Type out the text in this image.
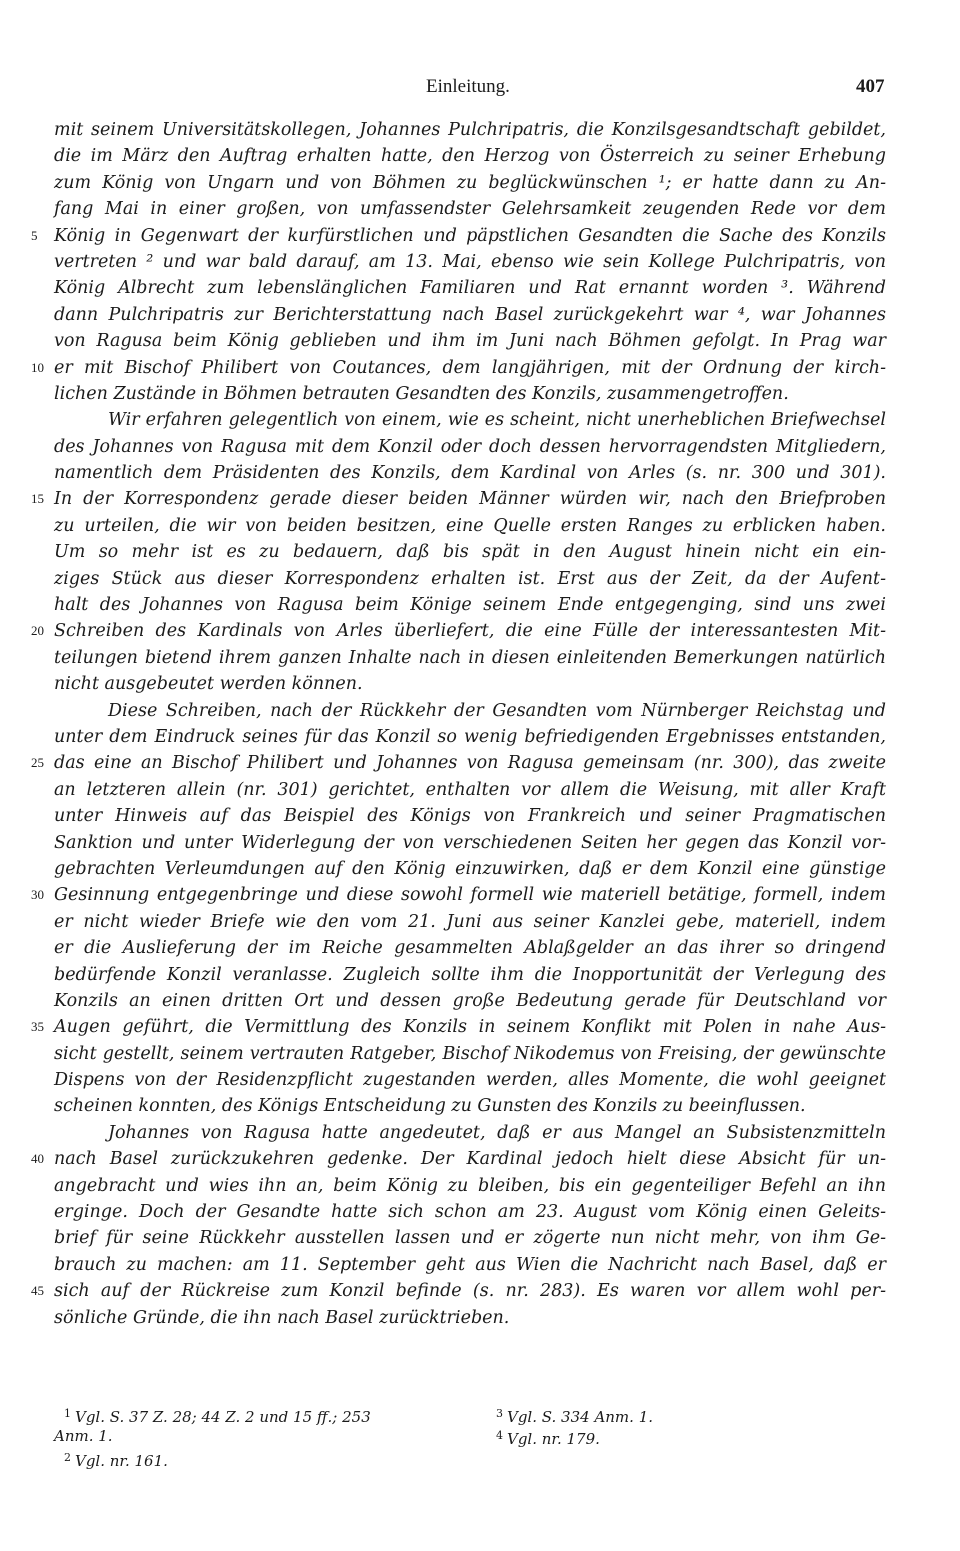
Einleitung.	407
mit seinem Universitätskollegen, Johannes Pulchripatris, die Konzilsgesandtschaft gebildet,
die im März den Auftrag erhalten hatte, den Herzog von Österreich zu seiner Erhebung
zum König von Ungarn und von Böhmen zu beglückwünschen ¹; er hatte dann zu An-
fang Mai in einer großen, von umfassendster Gelehrsamkeit zeugenden Rede vor dem
5 König in Gegenwart der kurfürstlichen und päpstlichen Gesandten die Sache des Konzils
vertreten ² und war bald darauf, am 13. Mai, ebenso wie sein Kollege Pulchripatris, von
König Albrecht zum lebenslänglichen Familiaren und Rat ernannt worden ³. Während
dann Pulchripatris zur Berichterstattung nach Basel zurückgekehrt war ⁴, war Johannes
von Ragusa beim König geblieben und ihm im Juni nach Böhmen gefolgt. In Prag war
10 er mit Bischof Philibert von Coutances, dem langjährigen, mit der Ordnung der kirch-
lichen Zustände in Böhmen betrauten Gesandten des Konzils, zusammengetroffen.
Wir erfahren gelegentlich von einem, wie es scheint, nicht unerheblichen Briefwechsel
des Johannes von Ragusa mit dem Konzil oder doch dessen hervorragendsten Mitgliedern,
namentlich dem Präsidenten des Konzils, dem Kardinal von Arles (s. nr. 300 und 301).
15 In der Korrespondenz gerade dieser beiden Männer würden wir, nach den Briefproben
zu urteilen, die wir von beiden besitzen, eine Quelle ersten Ranges zu erblicken haben.
Um so mehr ist es zu bedauern, daß bis spät in den August hinein nicht ein ein-
ziges Stück aus dieser Korrespondenz erhalten ist. Erst aus der Zeit, da der Aufent-
halt des Johannes von Ragusa beim Könige seinem Ende entgegenging, sind uns zwei
20 Schreiben des Kardinals von Arles überliefert, die eine Fülle der interessantesten Mit-
teilungen bietend ihrem ganzen Inhalte nach in diesen einleitenden Bemerkungen natürlich
nicht ausgebeutet werden können.
Diese Schreiben, nach der Rückkehr der Gesandten vom Nürnberger Reichstag und
unter dem Eindruck seines für das Konzil so wenig befriedigenden Ergebnisses entstanden,
25 das eine an Bischof Philibert und Johannes von Ragusa gemeinsam (nr. 300), das zweite
an letzteren allein (nr. 301) gerichtet, enthalten vor allem die Weisung, mit aller Kraft
unter Hinweis auf das Beispiel des Königs von Frankreich und seiner Pragmatischen
Sanktion und unter Widerlegung der von verschiedenen Seiten her gegen das Konzil vor-
gebrachten Verleumdungen auf den König einzuwirken, daß er dem Konzil eine günstige
30 Gesinnung entgegenbringe und diese sowohl formell wie materiell betätige, formell, indem
er nicht wieder Briefe wie den vom 21. Juni aus seiner Kanzlei gebe, materiell, indem
er die Auslieferung der im Reiche gesammelten Ablaßgelder an das ihrer so dringend
bedürfende Konzil veranlasse. Zugleich sollte ihm die Inopportunität der Verlegung des
Konzils an einen dritten Ort und dessen große Bedeutung gerade für Deutschland vor
35 Augen geführt, die Vermittlung des Konzils in seinem Konflikt mit Polen in nahe Aus-
sicht gestellt, seinem vertrauten Ratgeber, Bischof Nikodemus von Freising, der gewünschte
Dispens von der Residenzpflicht zugestanden werden, alles Momente, die wohl geeignet
scheinen konnten, des Königs Entscheidung zu Gunsten des Konzils zu beeinflussen.
Johannes von Ragusa hatte angedeutet, daß er aus Mangel an Subsistenzmitteln
40 nach Basel zurückzukehren gedenke. Der Kardinal jedoch hielt diese Absicht für un-
angebracht und wies ihn an, beim König zu bleiben, bis ein gegenteiliger Befehl an ihn
erginge. Doch der Gesandte hatte sich schon am 23. August vom König einen Geleits-
brief für seine Rückkehr ausstellen lassen und er zögerte nun nicht mehr, von ihm Ge-
brauch zu machen: am 11. September geht aus Wien die Nachricht nach Basel, daß er
45 sich auf der Rückreise zum Konzil befinde (s. nr. 283). Es waren vor allem wohl per-
sönliche Gründe, die ihn nach Basel zurücktrieben.
$^1$ Vgl. S. 37 Z. 28; 44 Z. 2 und 15 ff.; 253
Anm. 1.
$^2$ Vgl. nr. 161.
$^3$ Vgl. S. 334 Anm. 1.
$^4$ Vgl. nr. 179.
